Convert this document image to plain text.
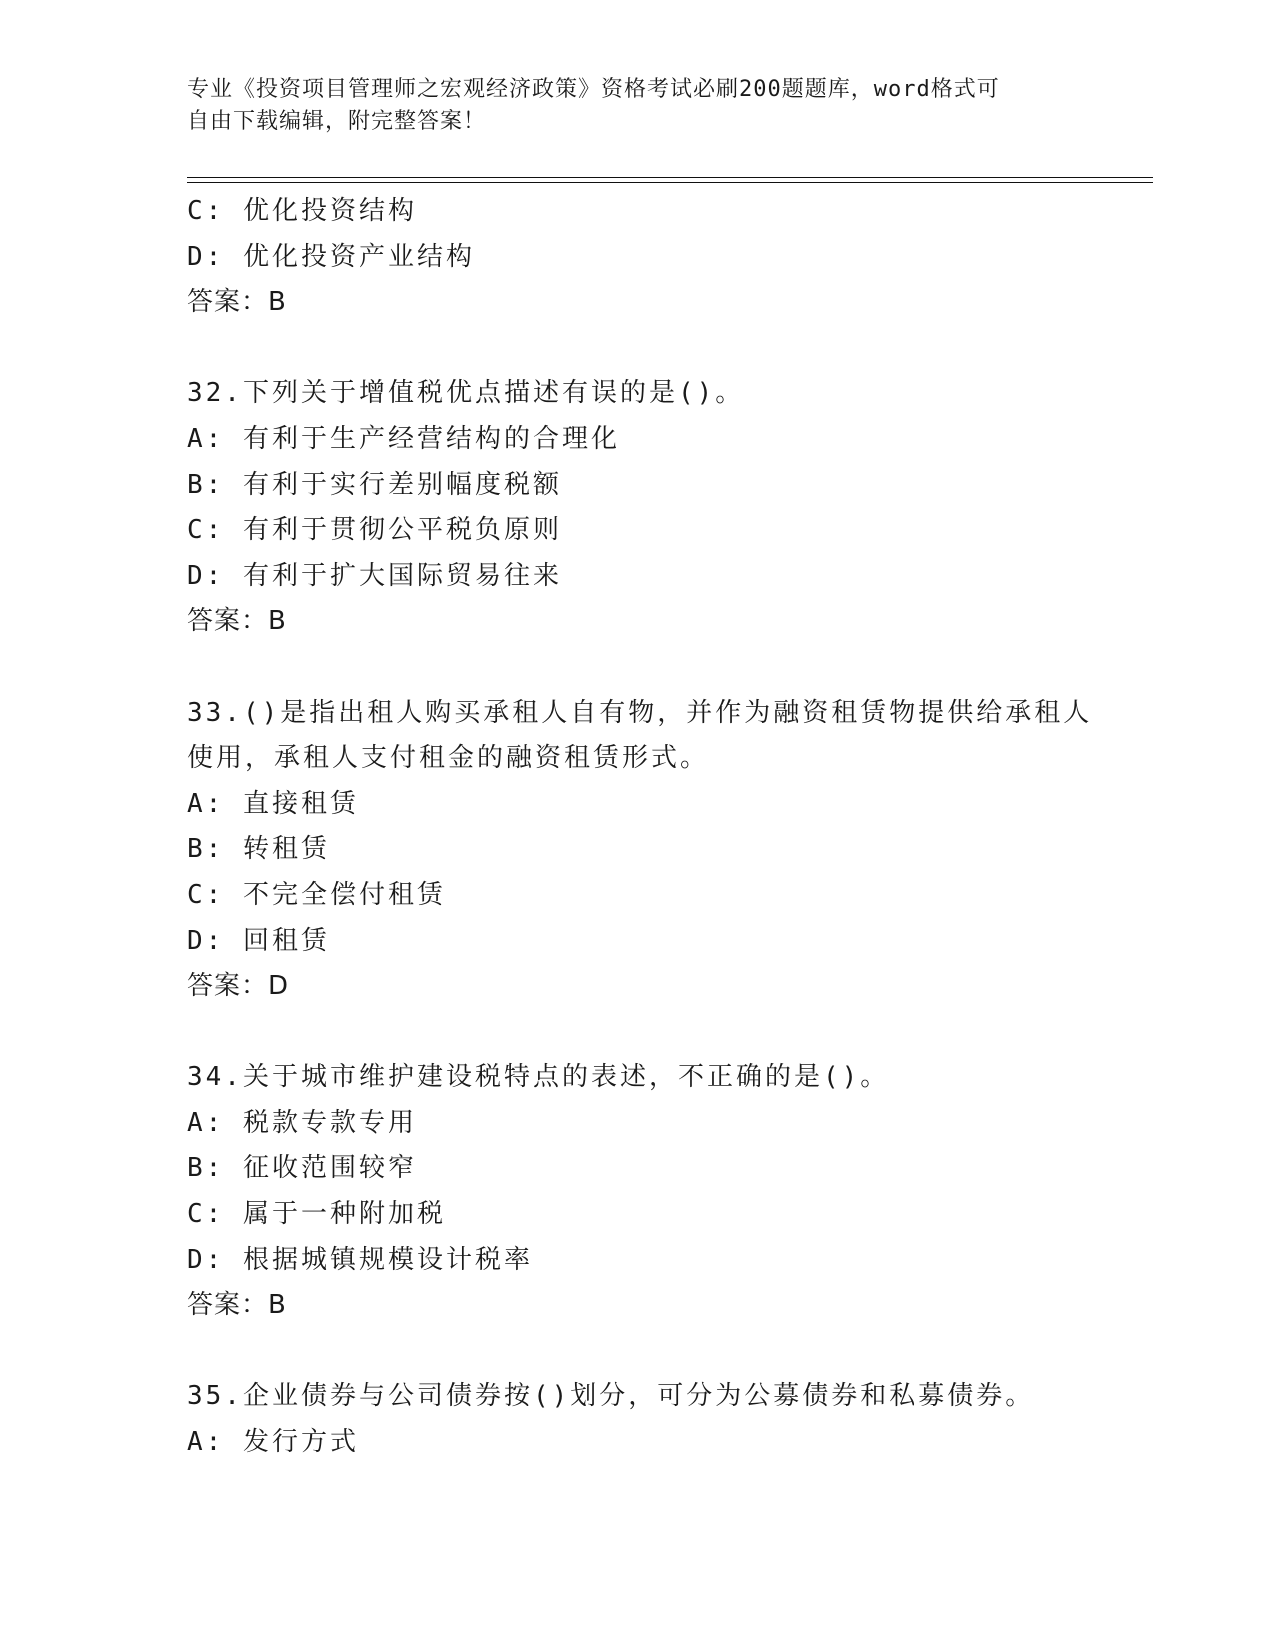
专业《投资项目管理师之宏观经济政策》资格考试必刷200题题库，word格式可
自由下载编辑，附完整答案！
C: 优化投资结构
D: 优化投资产业结构
答案：B
32.下列关于增值税优点描述有误的是()。
A: 有利于生产经营结构的合理化
B: 有利于实行差别幅度税额
C: 有利于贯彻公平税负原则
D: 有利于扩大国际贸易往来
答案：B
33.()是指出租人购买承租人自有物，并作为融资租赁物提供给承租人
使用，承租人支付租金的融资租赁形式。
A: 直接租赁
B: 转租赁
C: 不完全偿付租赁
D: 回租赁
答案：D
34.关于城市维护建设税特点的表述，不正确的是()。
A: 税款专款专用
B: 征收范围较窄
C: 属于一种附加税
D: 根据城镇规模设计税率
答案：B
35.企业债券与公司债券按()划分，可分为公募债券和私募债券。
A: 发行方式
